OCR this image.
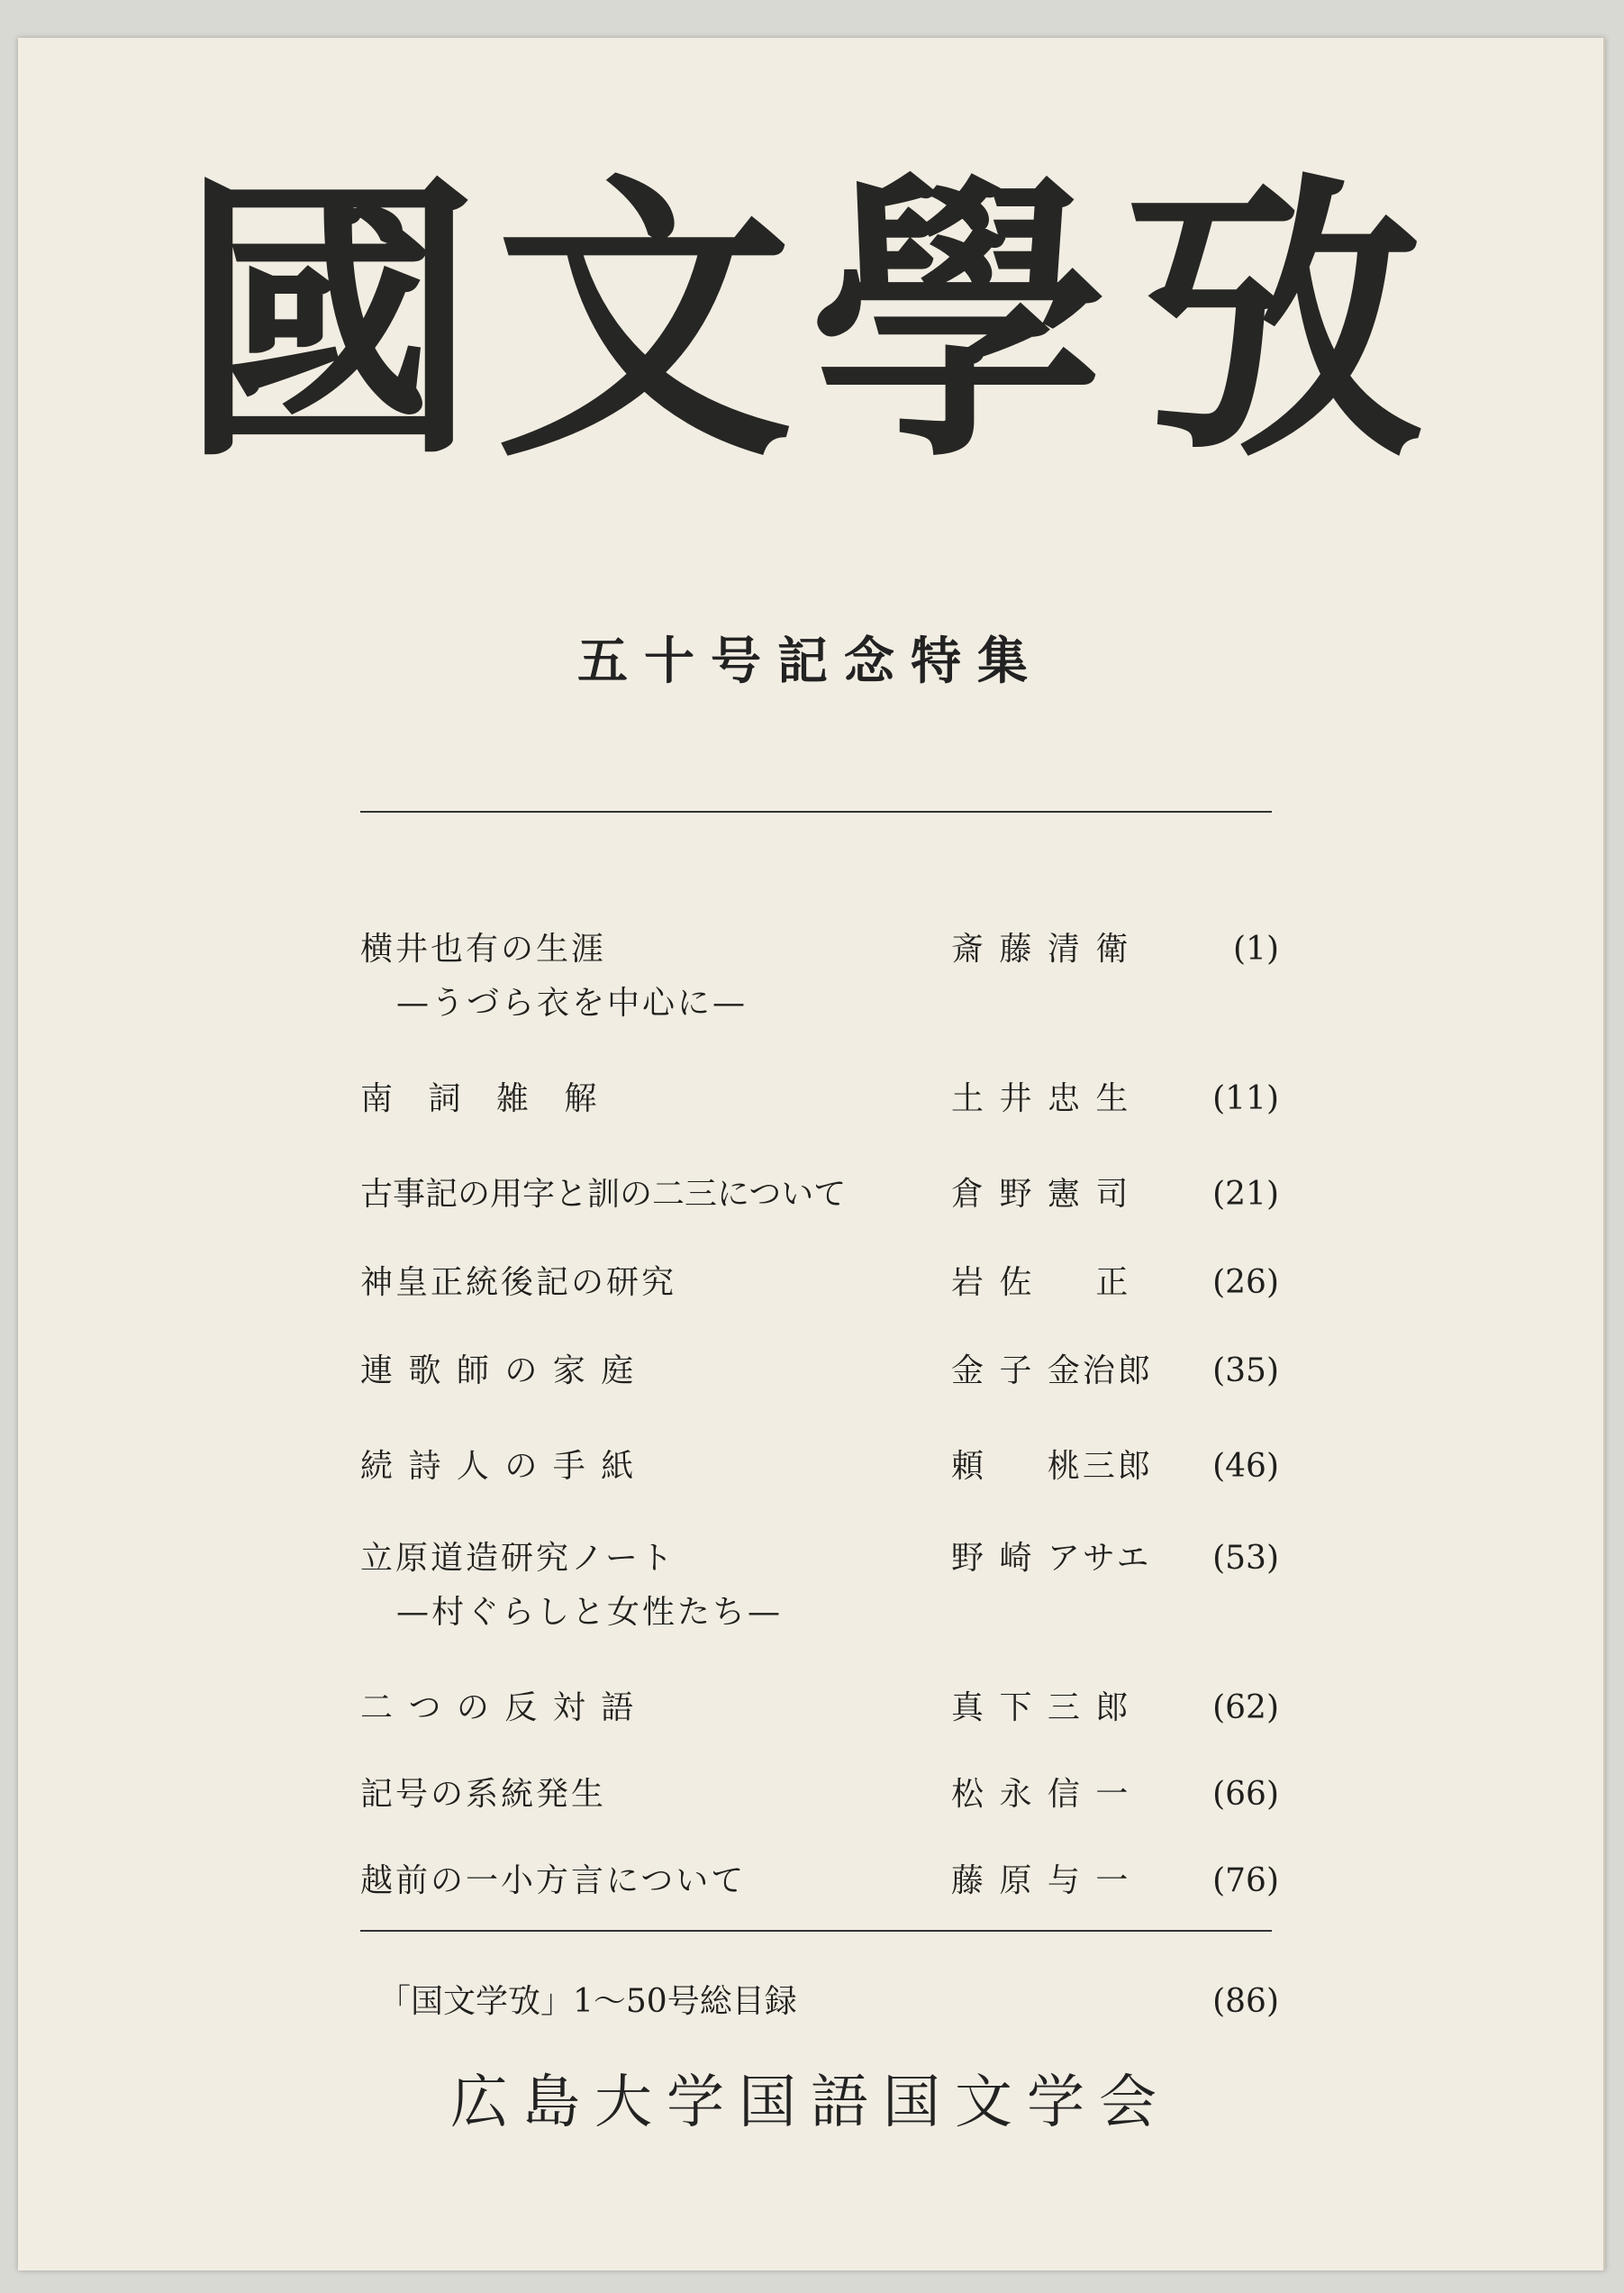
國文學攷
五十号記念特集
横井也有の生涯	斎 藤 清 衛	(1)
—うづら衣を中心に—
南 詞 雑 解	土 井 忠 生	(11)
古事記の用字と訓の二三について	倉 野 憲 司	(21)
神皇正統後記の研究	岩 佐 　 正	(26)
連 歌 師 の 家 庭	金 子 金治郎	(35)
続 詩 人 の 手 紙	頼 　 桃三郎	(46)
立原道造研究ノート	野 崎 アサエ	(53)
—村ぐらしと女性たち—
二 つ の 反 対 語	真 下 三 郎	(62)
記号の系統発生	松 永 信 一	(66)
越前の一小方言について	藤 原 与 一	(76)
「国文学攷」1～50号総目録	(86)
広島大学国語国文学会
